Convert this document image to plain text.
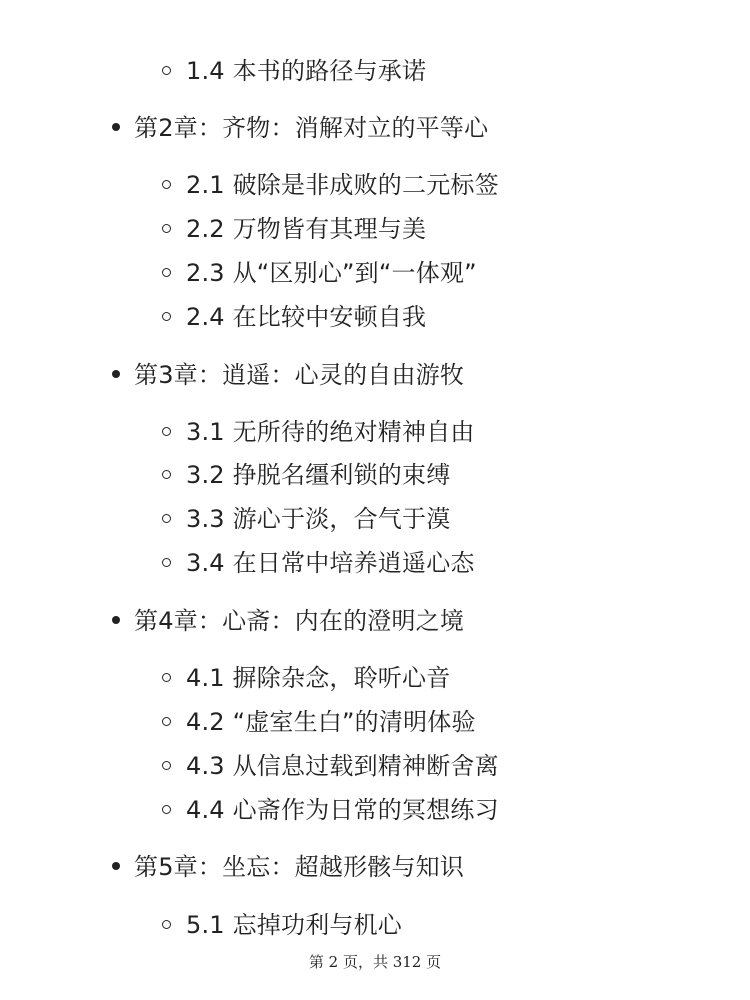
1.4 本书的路径与承诺
第2章：齐物：消解对立的平等心
2.1 破除是非成败的二元标签
2.2 万物皆有其理与美
2.3 从“区别心”到“一体观”
2.4 在比较中安顿自我
第3章：逍遥：心灵的自由游牧
3.1 无所待的绝对精神自由
3.2 挣脱名缰利锁的束缚
3.3 游心于淡，合气于漠
3.4 在日常中培养逍遥心态
第4章：心斋：内在的澄明之境
4.1 摒除杂念，聆听心音
4.2 “虚室生白”的清明体验
4.3 从信息过载到精神断舍离
4.4 心斋作为日常的冥想练习
第5章：坐忘：超越形骸与知识
5.1 忘掉功利与机心
第 2 页，共 312 页
